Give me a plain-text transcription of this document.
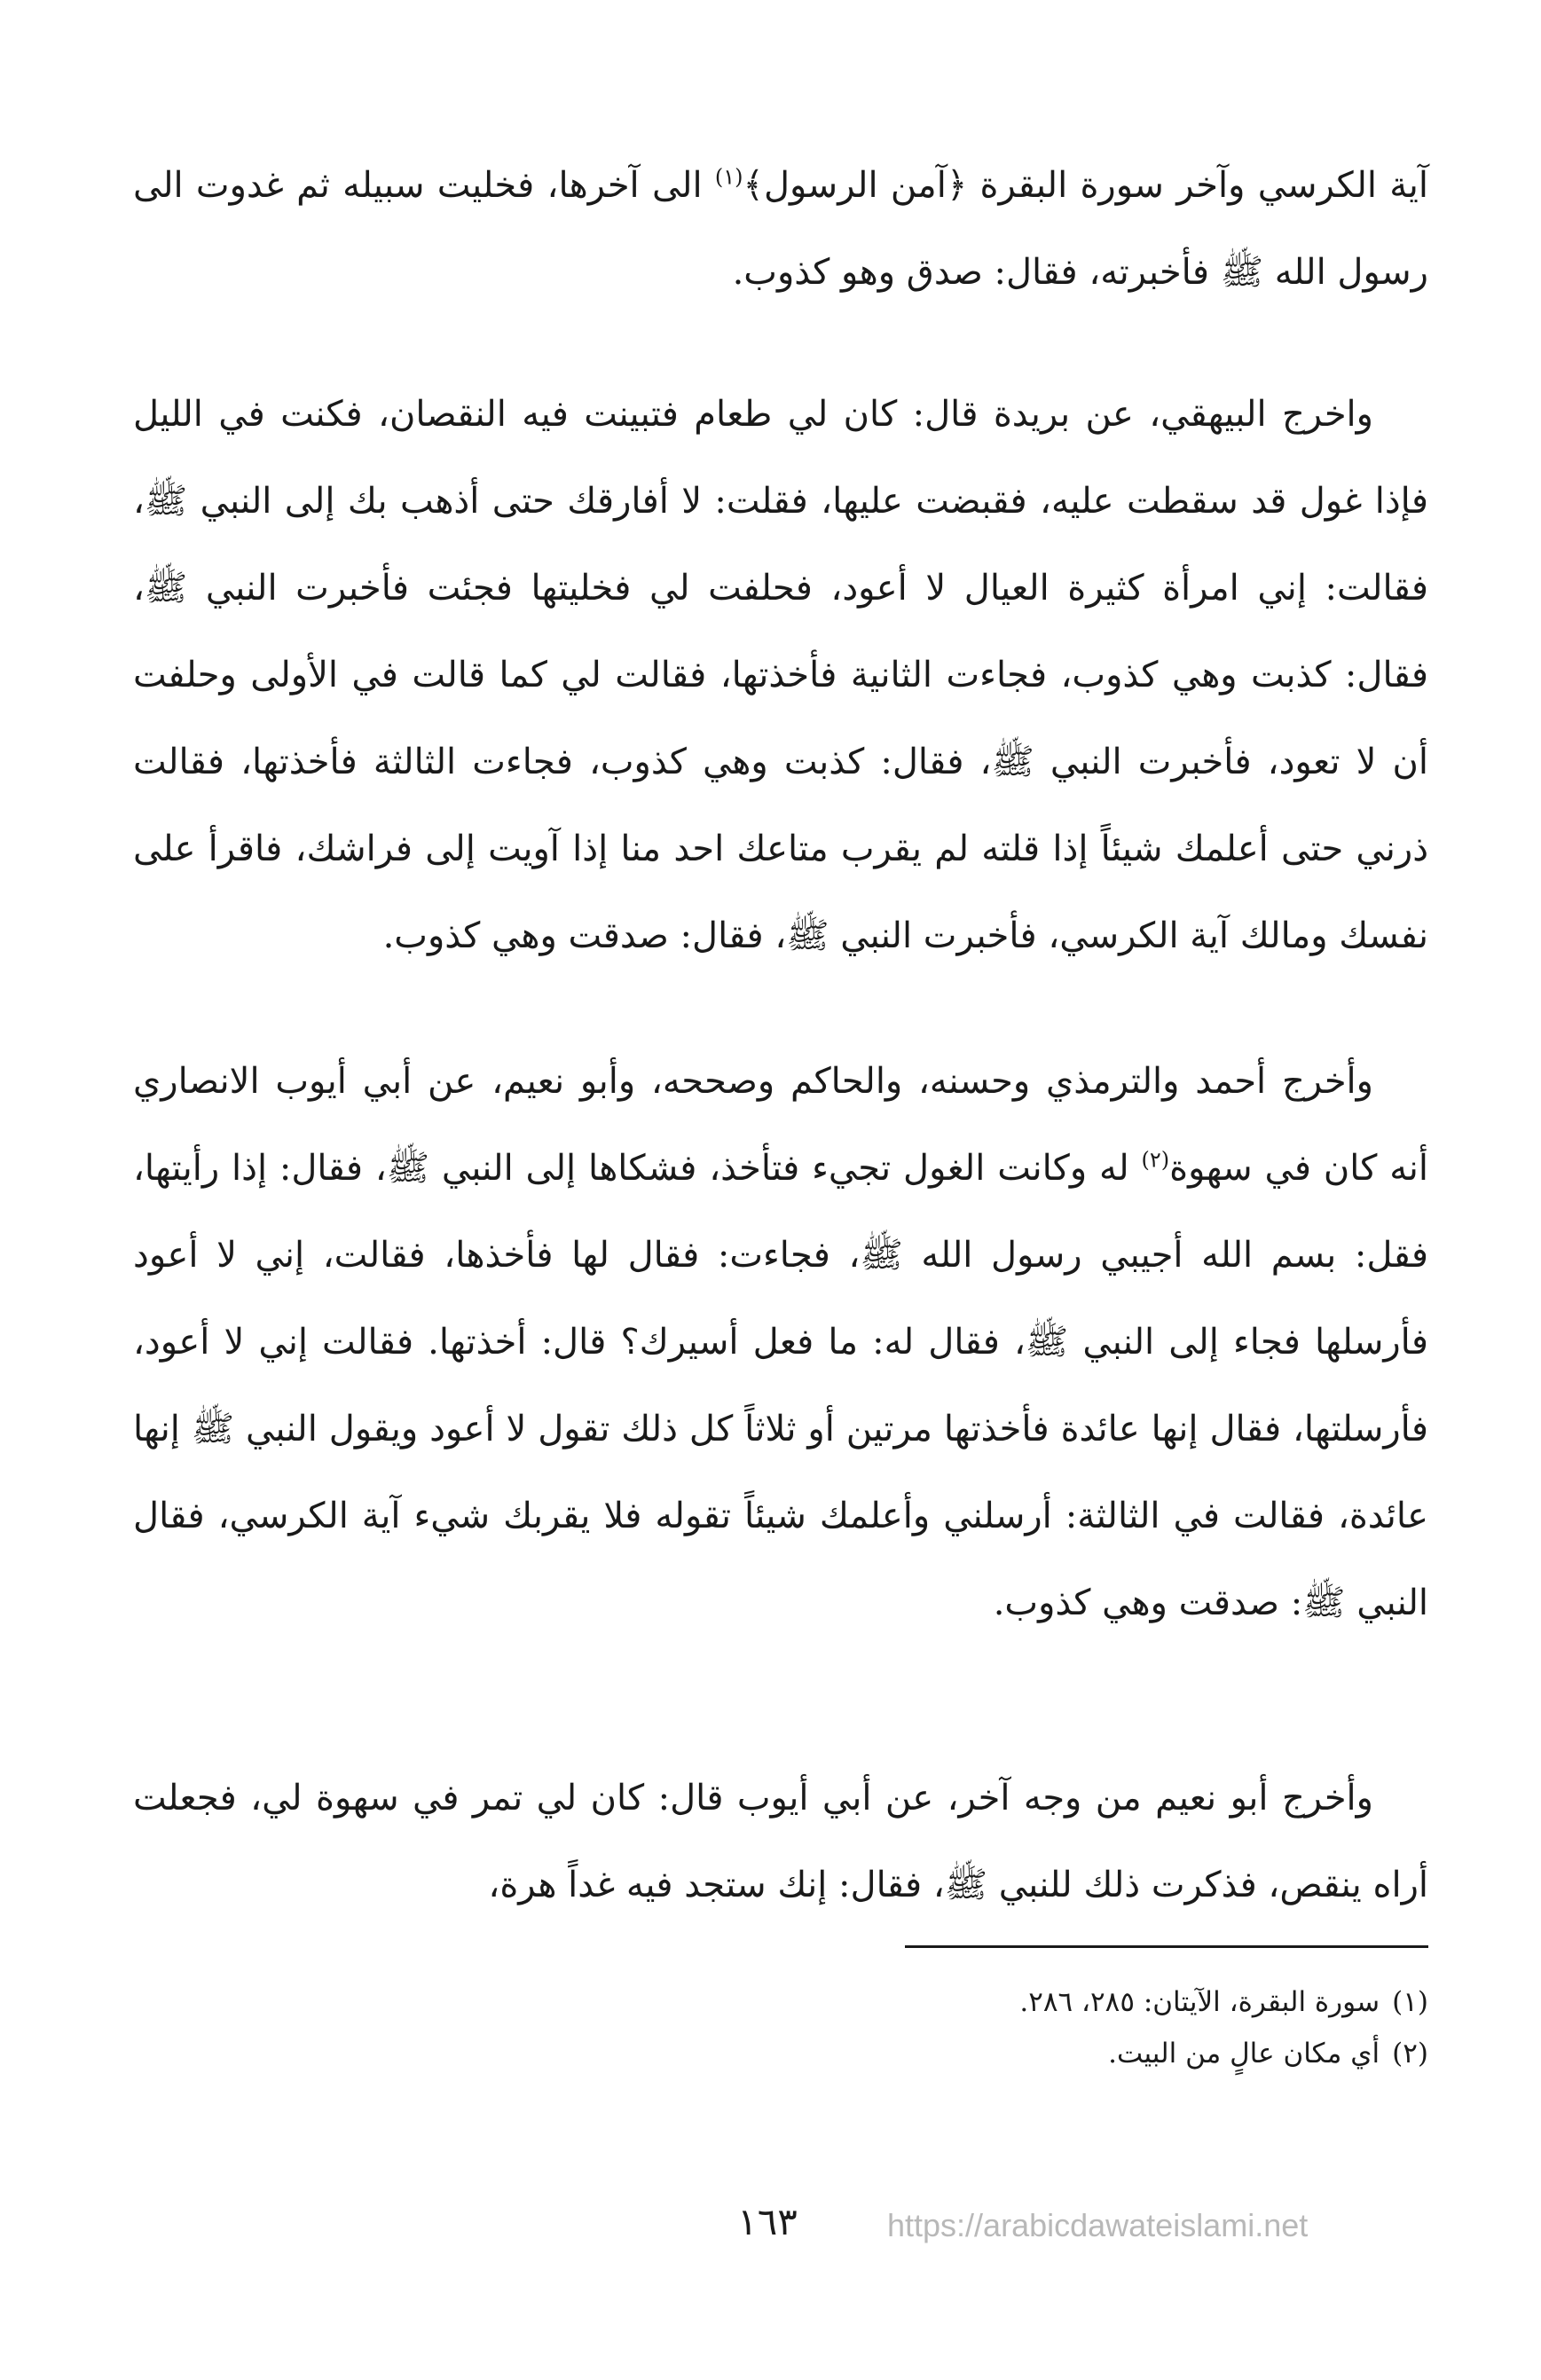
آية الكرسي وآخر سورة البقرة ﴿آمن الرسول﴾$^{(١)}$ الى آخرها، فخليت سبيله ثم غدوت الى رسول الله ﷺ فأخبرته، فقال: صدق وهو كذوب.

واخرج البيهقي، عن بريدة قال: كان لي طعام فتبينت فيه النقصان، فكنت في الليل فإذا غول قد سقطت عليه، فقبضت عليها، فقلت: لا أفارقك حتى أذهب بك إلى النبي ﷺ، فقالت: إني امرأة كثيرة العيال لا أعود، فحلفت لي فخليتها فجئت فأخبرت النبي ﷺ، فقال: كذبت وهي كذوب، فجاءت الثانية فأخذتها، فقالت لي كما قالت في الأولى وحلفت أن لا تعود، فأخبرت النبي ﷺ، فقال: كذبت وهي كذوب، فجاءت الثالثة فأخذتها، فقالت ذرني حتى أعلمك شيئاً إذا قلته لم يقرب متاعك احد منا إذا آويت إلى فراشك، فاقرأ على نفسك ومالك آية الكرسي، فأخبرت النبي ﷺ، فقال: صدقت وهي كذوب.

وأخرج أحمد والترمذي وحسنه، والحاكم وصححه، وأبو نعيم، عن أبي أيوب الانصاري أنه كان في سهوة$^{(٢)}$ له وكانت الغول تجيء فتأخذ، فشكاها إلى النبي ﷺ، فقال: إذا رأيتها، فقل: بسم الله أجيبي رسول الله ﷺ، فجاءت: فقال لها فأخذها، فقالت، إني لا أعود فأرسلها فجاء إلى النبي ﷺ، فقال له: ما فعل أسيرك؟ قال: أخذتها. فقالت إني لا أعود، فأرسلتها، فقال إنها عائدة فأخذتها مرتين أو ثلاثاً كل ذلك تقول لا أعود ويقول النبي ﷺ إنها عائدة، فقالت في الثالثة: أرسلني وأعلمك شيئاً تقوله فلا يقربك شيء آية الكرسي، فقال النبي ﷺ: صدقت وهي كذوب.

وأخرج أبو نعيم من وجه آخر، عن أبي أيوب قال: كان لي تمر في سهوة لي، فجعلت أراه ينقص، فذكرت ذلك للنبي ﷺ، فقال: إنك ستجد فيه غداً هرة،

(١)سورة البقرة، الآيتان: ٢٨٥، ٢٨٦.

(٢)أي مكان عالٍ من البيت.

١٦٣	https://arabicdawateislami.net
